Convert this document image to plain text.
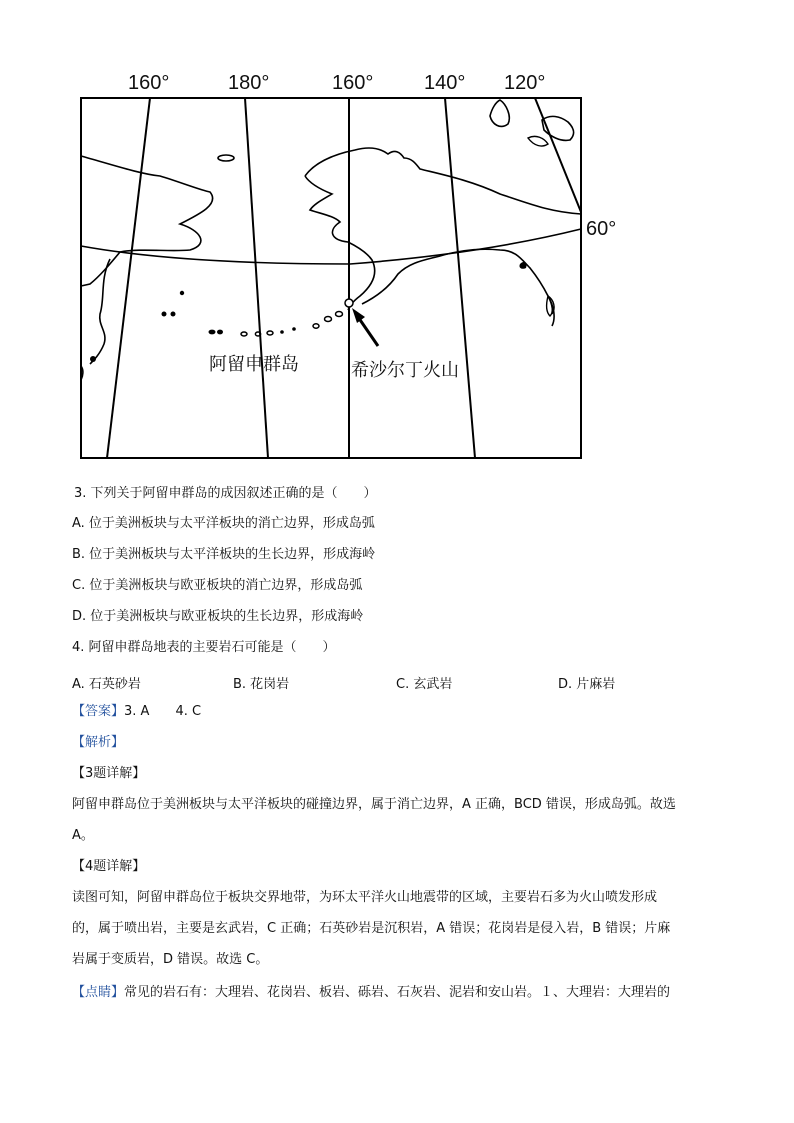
160°	180°	160°	140° 120°
60°
阿留申群岛	希沙尔丁火山
3. 下列关于阿留申群岛的成因叙述正确的是（　　）
A. 位于美洲板块与太平洋板块的消亡边界，形成岛弧
B. 位于美洲板块与太平洋板块的生长边界，形成海岭
C. 位于美洲板块与欧亚板块的消亡边界，形成岛弧
D. 位于美洲板块与欧亚板块的生长边界，形成海岭
4. 阿留申群岛地表的主要岩石可能是（　　）
A. 石英砂岩	B. 花岗岩	C. 玄武岩	D. 片麻岩
【答案】3. A　　4. C
【解析】
【3题详解】
阿留申群岛位于美洲板块与太平洋板块的碰撞边界，属于消亡边界，A 正确，BCD 错误，形成岛弧。故选
A。
【4题详解】
读图可知，阿留申群岛位于板块交界地带，为环太平洋火山地震带的区域，主要岩石多为火山喷发形成
的，属于喷出岩，主要是玄武岩，C 正确；石英砂岩是沉积岩，A 错误；花岗岩是侵入岩，B 错误；片麻
岩属于变质岩，D 错误。故选 C。
【点睛】常见的岩石有：大理岩、花岗岩、板岩、砾岩、石灰岩、泥岩和安山岩。１、大理岩：大理岩的
